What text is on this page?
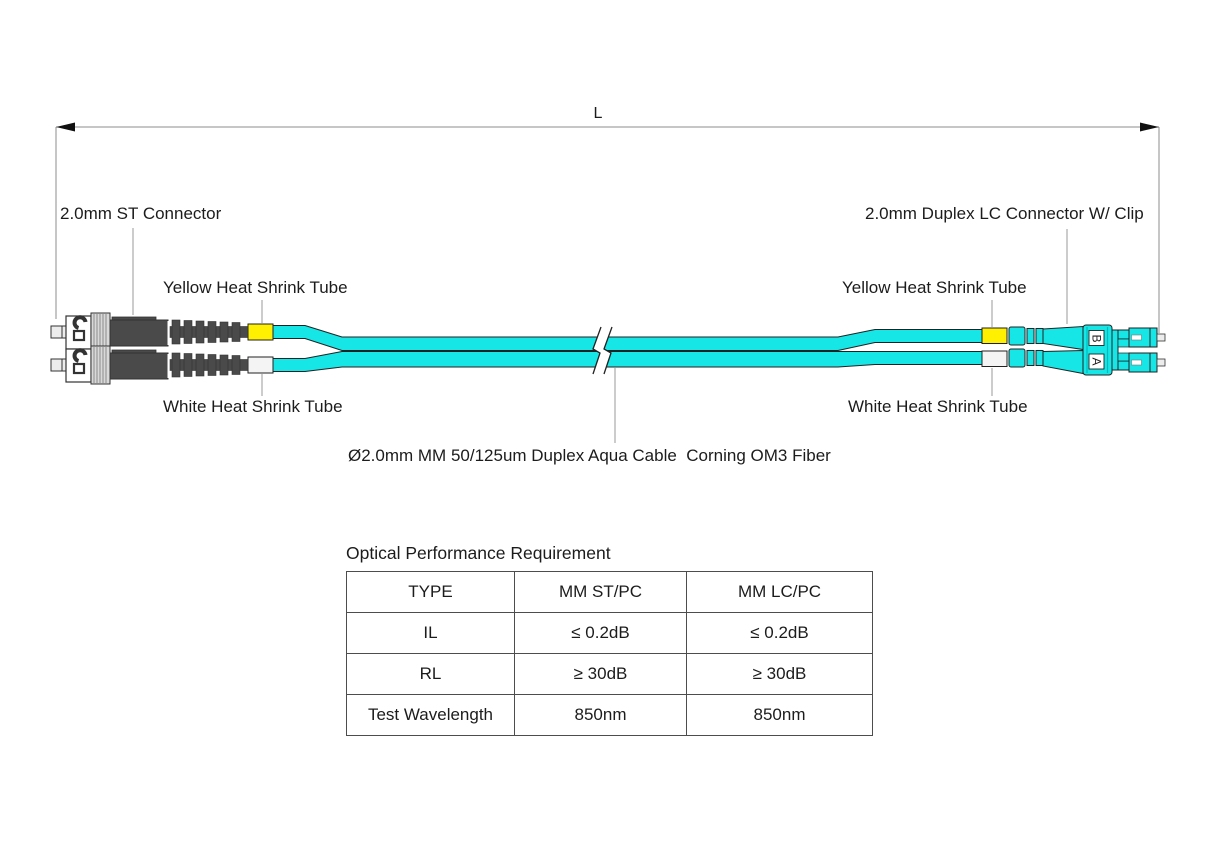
B
A
L
2.0mm ST Connector	2.0mm Duplex LC Connector W/ Clip
Yellow Heat Shrink Tube	Yellow Heat Shrink Tube
White Heat Shrink Tube	White Heat Shrink Tube
Ø2.0mm MM 50/125um Duplex Aqua Cable  Corning OM3 Fiber
Optical Performance Requirement
TYPE	MM ST/PC	MM LC/PC
IL	≤ 0.2dB	≤ 0.2dB
RL	≥ 30dB	≥ 30dB
Test Wavelength	850nm	850nm
